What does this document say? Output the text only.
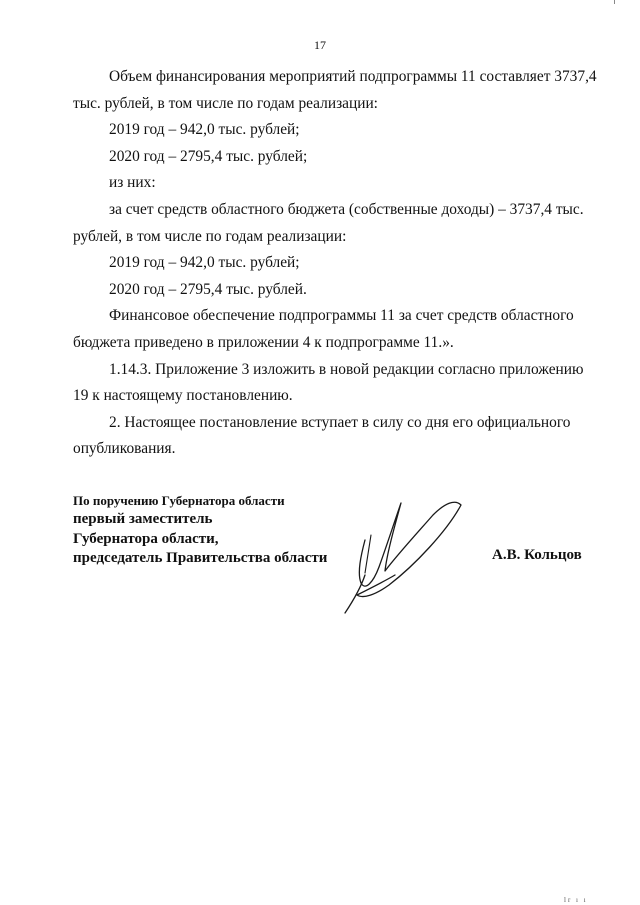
17

Объем финансирования мероприятий подпрограммы 11 составляет 3737,4 тыс. рублей, в том числе по годам реализации:

2019 год – 942,0 тыс. рублей;

2020 год – 2795,4 тыс. рублей;

из них:

за счет средств областного бюджета (собственные доходы) – 3737,4 тыс. рублей, в том числе по годам реализации:

2019 год – 942,0 тыс. рублей;

2020 год – 2795,4 тыс. рублей.

Финансовое обеспечение подпрограммы 11 за счет средств областного бюджета приведено в приложении 4 к подпрограмме 11.».

1.14.3. Приложение 3 изложить в новой редакции согласно приложению 19 к настоящему постановлению.

2. Настоящее постановление вступает в силу со дня его официального опубликования.

По поручению Губернатора области
первый заместитель
Губернатора области,
председатель Правительства области	А.В. Кольцов
lr ı ı
